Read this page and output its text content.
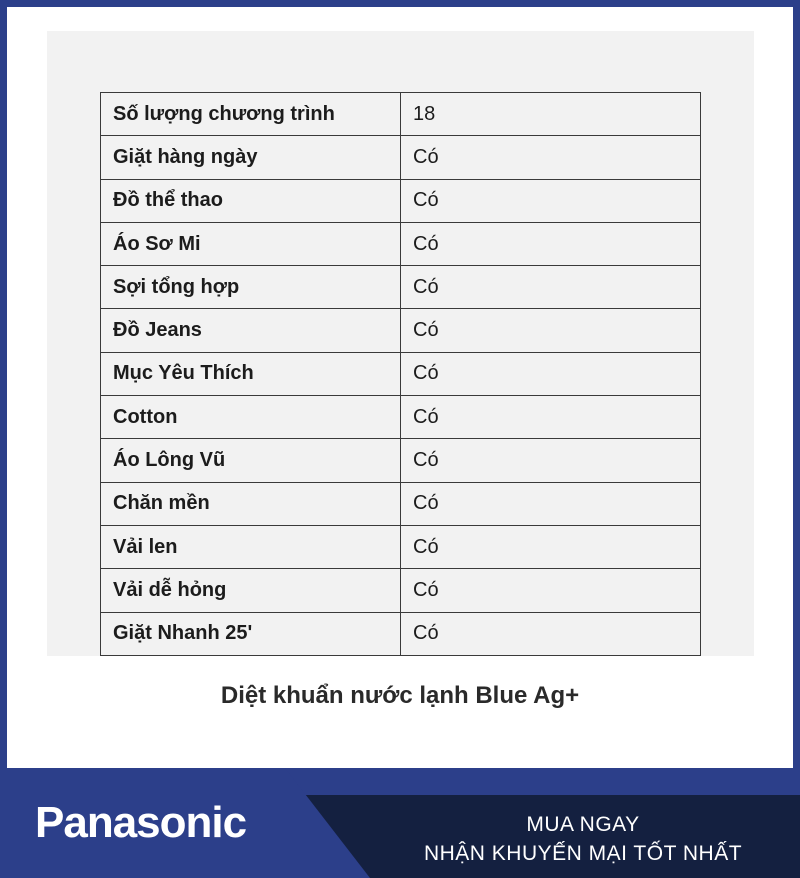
Số lượng chương trình	18
Giặt hàng ngày	Có
Đồ thể thao	Có
Áo Sơ Mi	Có
Sợi tổng hợp	Có
Đồ Jeans	Có
Mục Yêu Thích	Có
Cotton	Có
Áo Lông Vũ	Có
Chăn mền	Có
Vải len	Có
Vải dễ hỏng	Có
Giặt Nhanh 25'	Có
Diệt khuẩn nước lạnh Blue Ag+
Panasonic	MUA NGAY
NHẬN KHUYẾN MẠI TỐT NHẤT
